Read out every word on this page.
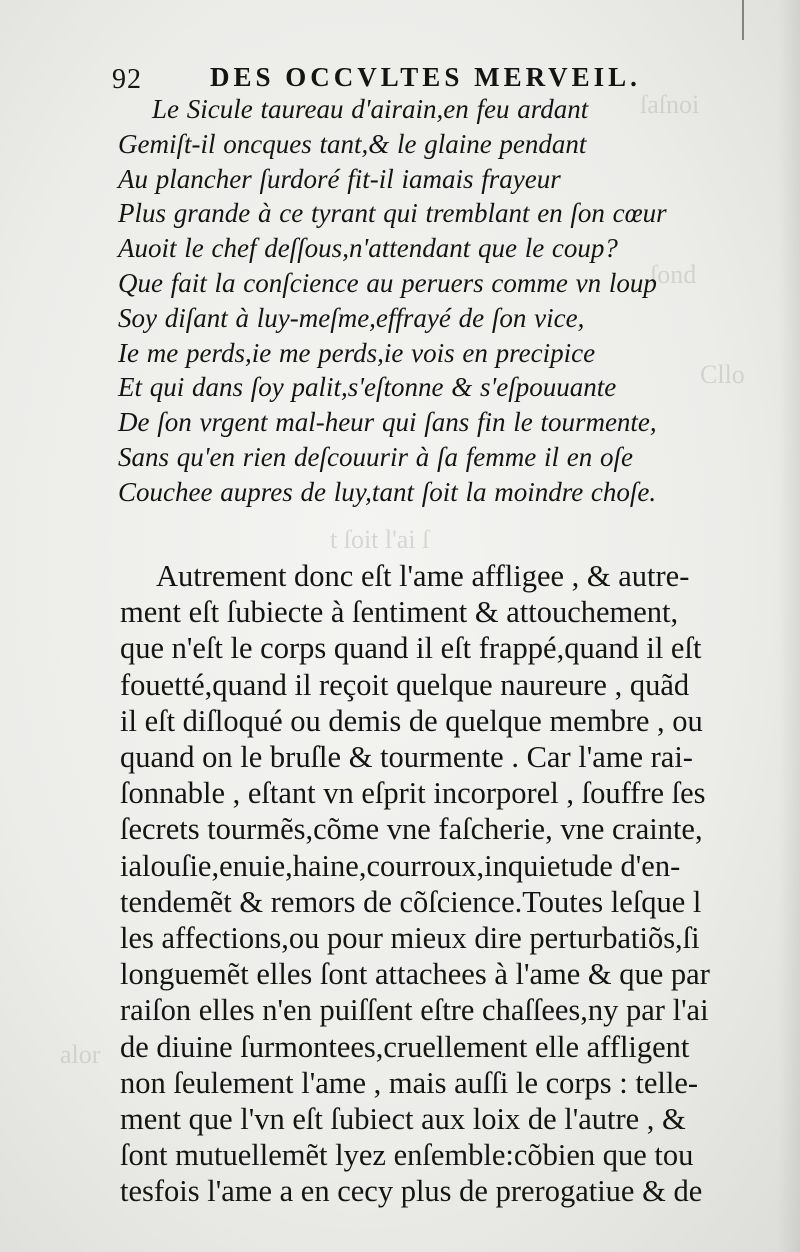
ſaſnoi
ſond
Cllo
t ſoit l'ai ſ
alor
92	DES OCCVLTES MERVEIL.
Le Sicule taureau d'airain,en feu ardant
Gemiſt-il oncques tant,& le glaine pendant
Au plancher ſurdoré fit-il iamais frayeur
Plus grande à ce tyrant qui tremblant en ſon cœur
Auoit le chef deſſous,n'attendant que le coup?
Que fait la conſcience au peruers comme vn loup
Soy diſant à luy-meſme,effrayé de ſon vice,
Ie me perds,ie me perds,ie vois en precipice
Et qui dans ſoy palit,s'eſtonne & s'eſpouuante
De ſon vrgent mal-heur qui ſans fin le tourmente,
Sans qu'en rien deſcouurir à ſa femme il en oſe
Couchee aupres de luy,tant ſoit la moindre choſe.
Autrement donc eſt l'ame affligee , & autre-
ment eſt ſubiecte à ſentiment & attouchement,
que n'eſt le corps quand il eſt frappé,quand il eſt
fouetté,quand il reçoit quelque naureure , quãd
il eſt diſloqué ou demis de quelque membre , ou
quand on le bruſle & tourmente . Car l'ame rai-
ſonnable , eſtant vn eſprit incorporel , ſouffre ſes
ſecrets tourmẽs,cõme vne faſcherie, vne crainte,
ialouſie,enuie,haine,courroux,inquietude d'en-
tendemẽt & remors de cõſcience.Toutes leſque l
les affections,ou pour mieux dire perturbatiõs,ſi
longuemẽt elles ſont attachees à l'ame & que par
raiſon elles n'en puiſſent eſtre chaſſees,ny par l'ai
de diuine ſurmontees,cruellement elle affligent
non ſeulement l'ame , mais auſſi le corps : telle-
ment que l'vn eſt ſubiect aux loix de l'autre , &
ſont mutuellemẽt lyez enſemble:cõbien que tou
tesfois l'ame a en cecy plus de prerogatiue & de
